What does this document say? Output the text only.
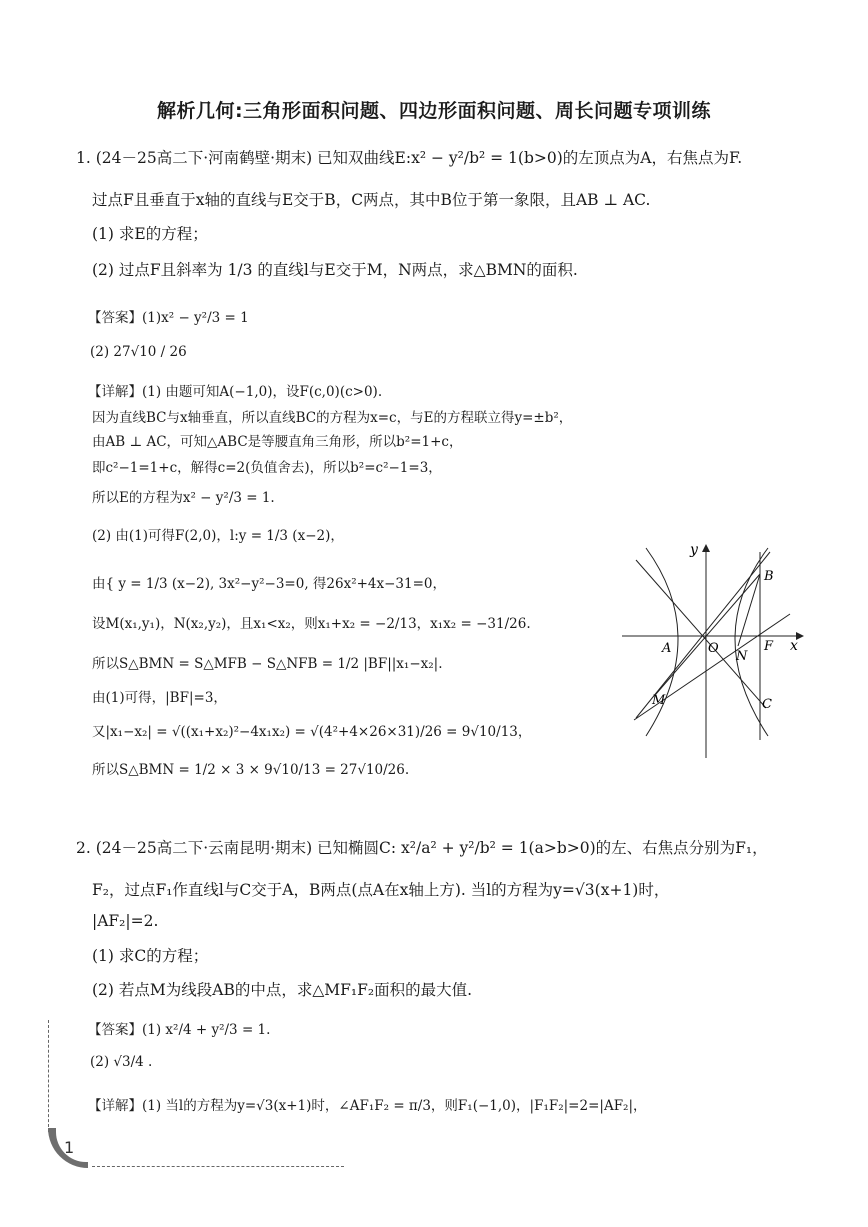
解析几何:三角形面积问题、四边形面积问题、周长问题专项训练
1. (24－25高二下·河南鹤壁·期末) 已知双曲线E:x² − y²/b² = 1(b>0)的左顶点为A，右焦点为F.
过点F且垂直于x轴的直线与E交于B，C两点，其中B位于第一象限，且AB ⊥ AC.
(1) 求E的方程；
(2) 过点F且斜率为 1/3 的直线l与E交于M，N两点，求△BMN的面积.
【答案】(1)x² − y²/3 = 1
(2) 27√10 / 26
【详解】(1) 由题可知A(−1,0)，设F(c,0)(c>0).
因为直线BC与x轴垂直，所以直线BC的方程为x=c，与E的方程联立得y=±b²，
由AB ⊥ AC，可知△ABC是等腰直角三角形，所以b²=1+c，
即c²−1=1+c，解得c=2(负值舍去)，所以b²=c²−1=3，
所以E的方程为x² − y²/3 = 1.
(2) 由(1)可得F(2,0)，l:y = 1/3 (x−2)，
由{ y = 1/3 (x−2), 3x²−y²−3=0, 得26x²+4x−31=0，
设M(x₁,y₁)，N(x₂,y₂)，且x₁<x₂，则x₁+x₂ = −2/13，x₁x₂ = −31/26.
所以S△BMN = S△MFB − S△NFB = 1/2 |BF||x₁−x₂|.
由(1)可得，|BF|=3，
又|x₁−x₂| = √((x₁+x₂)²−4x₁x₂) = √(4²+4×26×31)/26 = 9√10/13，
所以S△BMN = 1/2 × 3 × 9√10/13 = 27√10/26.
x
y
B
A	O
N
F
M	C
2. (24－25高二下·云南昆明·期末) 已知椭圆C: x²/a² + y²/b² = 1(a>b>0)的左、右焦点分别为F₁，
F₂，过点F₁作直线l与C交于A，B两点(点A在x轴上方). 当l的方程为y=√3(x+1)时，
|AF₂|=2.
(1) 求C的方程；
(2) 若点M为线段AB的中点，求△MF₁F₂面积的最大值.
【答案】(1) x²/4 + y²/3 = 1.
(2) √3/4 .
【详解】(1) 当l的方程为y=√3(x+1)时，∠AF₁F₂ = π/3，则F₁(−1,0)，|F₁F₂|=2=|AF₂|，
1
